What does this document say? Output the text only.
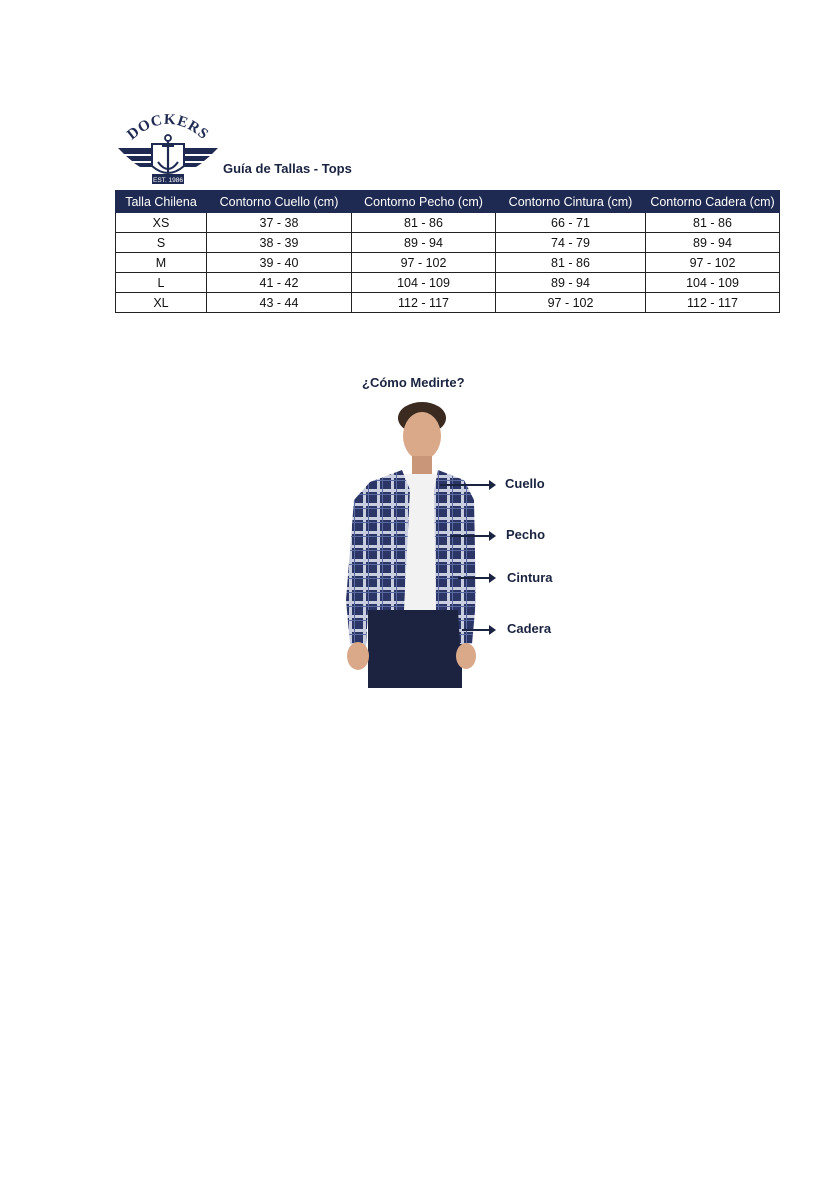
DOCKERS
EST. 1986
Guía de Tallas - Tops
Talla Chilena	Contorno Cuello (cm)	Contorno Pecho (cm)	Contorno Cintura (cm)	Contorno Cadera (cm)
XS	37 - 38	81 - 86	66 - 71	81 - 86
S	38 - 39	89 - 94	74 - 79	89 - 94
M	39 - 40	97 - 102	81 - 86	97 - 102
L	41 - 42	104 - 109	89 - 94	104 - 109
XL	43 - 44	112 - 117	97 - 102	112 - 117
¿Cómo Medirte?
Cuello
Pecho
Cintura
Cadera
